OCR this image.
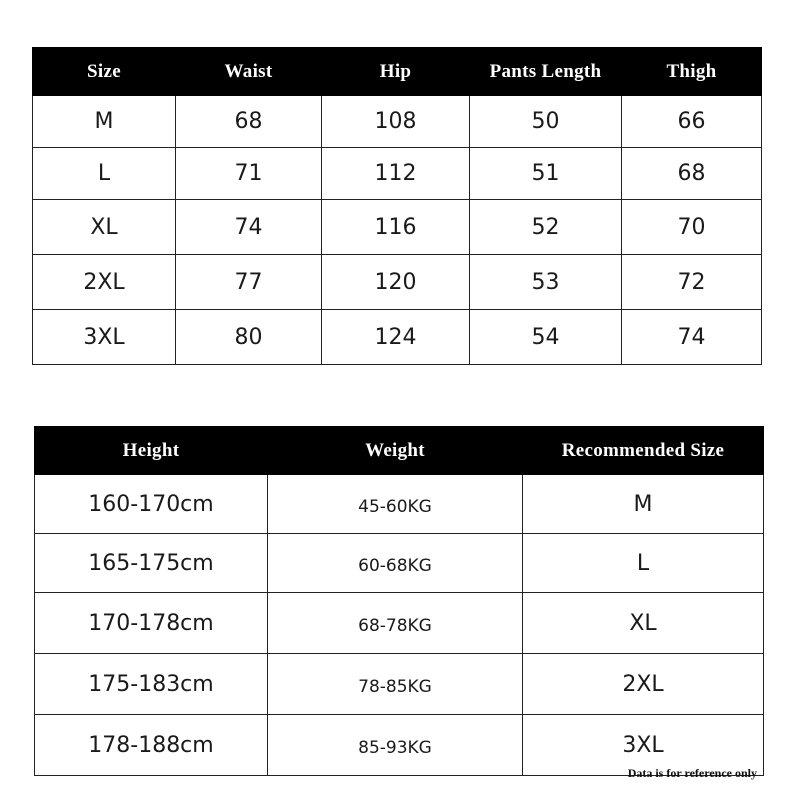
Size	Waist	Hip	Pants Length	Thigh
M	68	108	50	66
L	71	112	51	68
XL	74	116	52	70
2XL	77	120	53	72
3XL	80	124	54	74
Height	Weight	Recommended Size
160-170cm	45-60KG	M
165-175cm	60-68KG	L
170-178cm	68-78KG	XL
175-183cm	78-85KG	2XL
178-188cm	85-93KG	3XL
Data is for reference only
